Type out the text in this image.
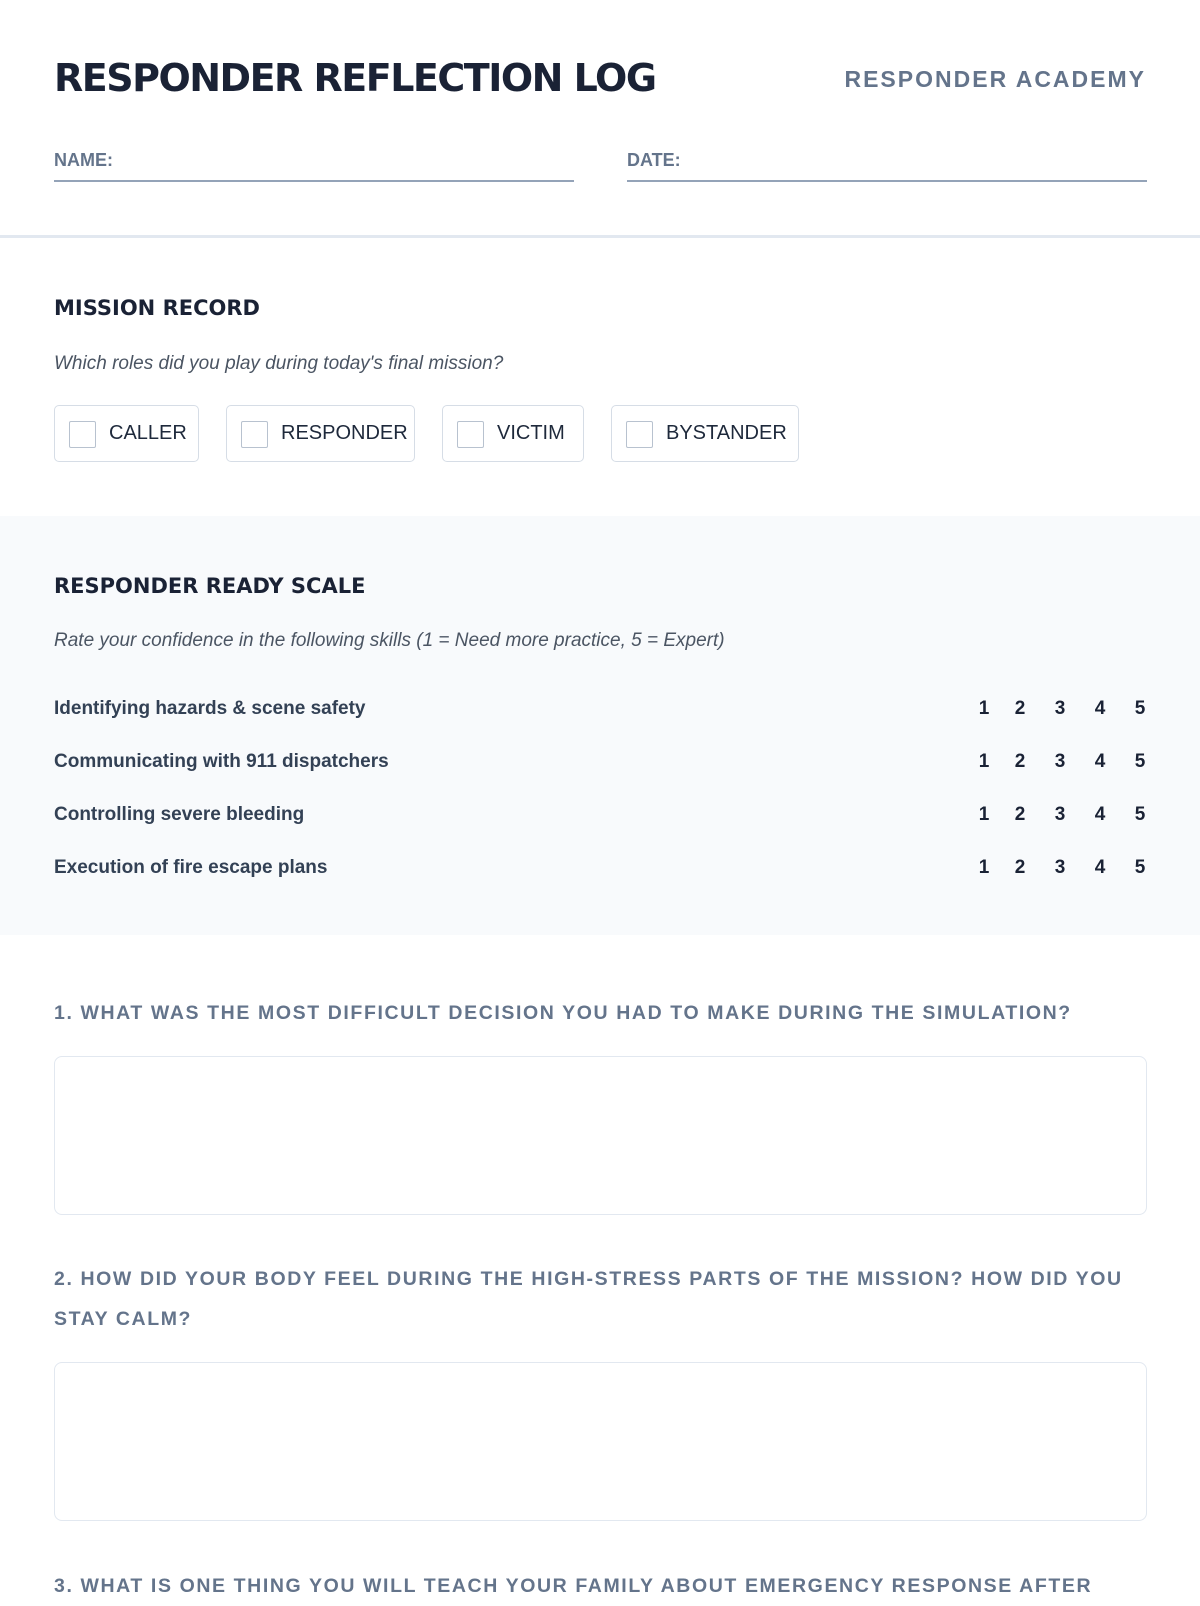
RESPONDER REFLECTION LOG	RESPONDER ACADEMY
NAME:	DATE:
MISSION RECORD
Which roles did you play during today's final mission?
CALLER	RESPONDER	VICTIM	BYSTANDER
RESPONDER READY SCALE
Rate your confidence in the following skills (1 = Need more practice, 5 = Expert)
Identifying hazards & scene safety	1	2	3	4	5
Communicating with 911 dispatchers	1	2	3	4	5
Controlling severe bleeding	1	2	3	4	5
Execution of fire escape plans	1	2	3	4	5
1. WHAT WAS THE MOST DIFFICULT DECISION YOU HAD TO MAKE DURING THE SIMULATION?
2. HOW DID YOUR BODY FEEL DURING THE HIGH-STRESS PARTS OF THE MISSION? HOW DID YOU STAY CALM?
3. WHAT IS ONE THING YOU WILL TEACH YOUR FAMILY ABOUT EMERGENCY RESPONSE AFTER
